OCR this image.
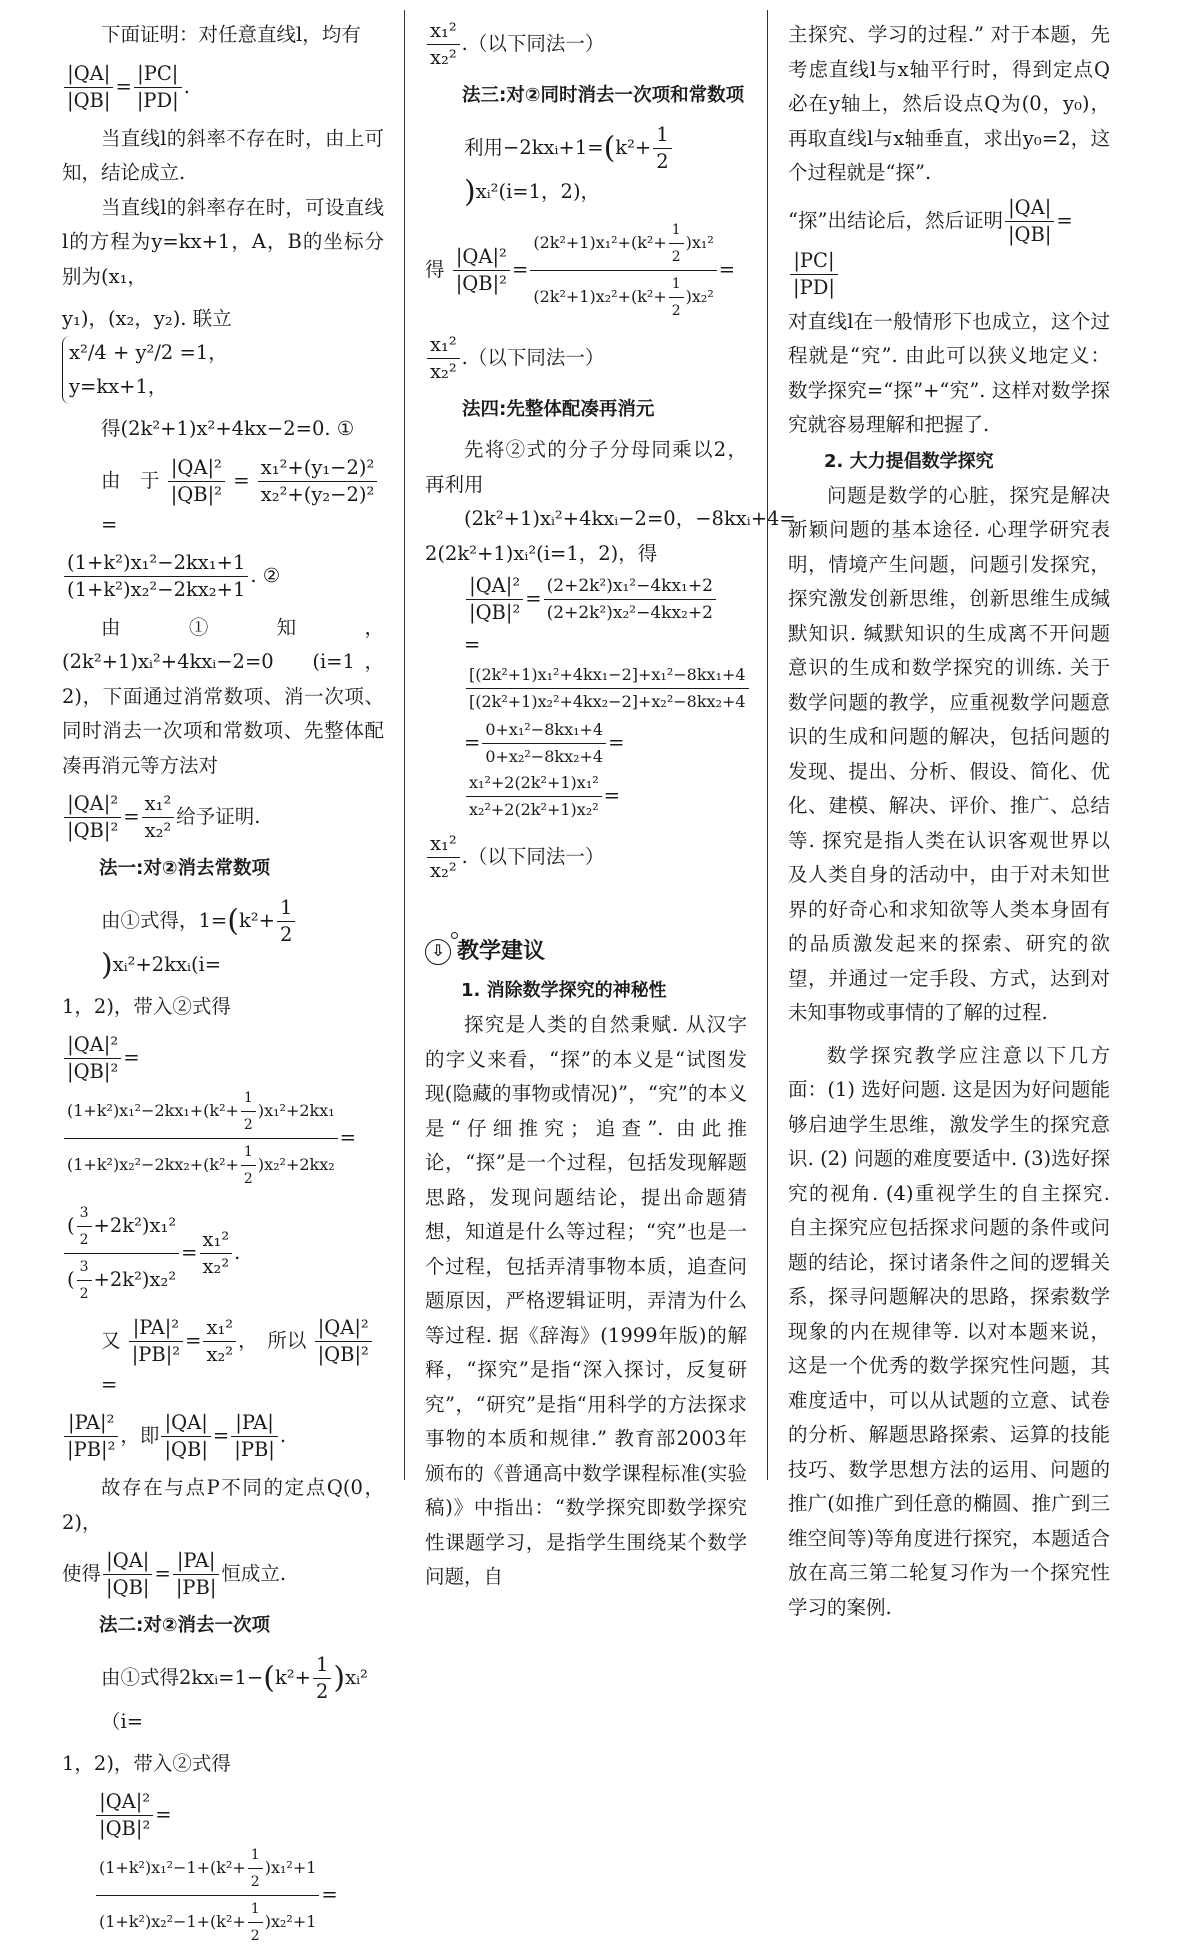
下面证明：对任意直线l，均有

$\frac{|QA|}{|QB|} = \frac{|PC|}{|PD|}$ .

当直线l的斜率不存在时，由上可知，结论成立.

当直线l的斜率存在时，可设直线l的方程为y=kx+1，A，B的坐标分别为(x₁，

y₁)，(x₂，y₂). 联立
x²/4 + y²/2 =1，
y=kx+1，

得(2k²+1)x²+4kx−2=0. ①

由　于 $\frac{\text{|QA|²}}{\text{|QB|²}} = \frac{\text{x₁²+(y₁−2)²}}{\text{x₂²+(y₂−2)²}}$
=
$\frac{\text{(1+k²)x₁²−2kx₁+1}}{\text{(1+k²)x₂²−2kx₂+1}}$ . ②

由①知，(2k²+1)xᵢ²+4kxᵢ−2=0　(i=1，2)，下面通过消常数项、消一次项、同时消去一次项和常数项、先整体配凑再消元等方法对

$\frac{\text{|QA|²}}{\text{|QB|²}} = \frac{\text{x₁²}}{\text{x₂²}}$ 给予证明.
法一:对②消去常数项
由①式得，$1=(k^2+ \frac{1}{2}$
)xᵢ²+2kxᵢ(i=

1，2)，带入②式得

$\frac{\text{|QA|²}}{\text{|QB|²}}$ =
$\frac{(1+k^2)x_1^2-2kx_1+(k^2+ \frac{1}{2} )x_1^2+2kx_1}{(1+k^2)x_2^2-2kx_2+(k^2+ \frac{1}{2} )x_2^2+2kx_2}$ =
$\frac{( \frac{3}{2} +2k^2)x_1^2}{( \frac{3}{2} +2k^2)x_2^2} = \frac{\text{x₁²}}{\text{x₂²}}$ .
又 $\frac{\text{|PA|²}}{\text{|PB|²}} = \frac{\text{x₁²}}{\text{x₂²}}$ ，　所以 $\frac{\text{|QA|²}}{\text{|QB|²}}$
=
$\frac{\text{|PA|²}}{\text{|PB|²}}$ ，即 $\frac{|QA|}{|QB|} = \frac{|PA|}{|PB|}$ .

故存在与点P不同的定点Q(0，2)，

使得 $\frac{|QA|}{|QB|} = \frac{|PA|}{|PB|}$ 恒成立.
法二:对②消去一次项
由①式得2kxᵢ=1−(k²+ $\frac{1}{2}$ )xᵢ²（i=

1，2)，带入②式得

$\frac{\text{|QA|²}}{\text{|QB|²}}$ =
$\frac{(1+k^2)x_1^2-1+(k^2+ \frac{1}{2} )x_1^2+1}{(1+k^2)x_2^2-1+(k^2+ \frac{1}{2} )x_2^2+1}$ =
$\frac{\text{x₁²}}{\text{x₂²}}$ .（以下同法一）
法三:对②同时消去一次项和常数项
利用−2kxᵢ+1=(k²+ $\frac{1}{2}$
)xᵢ²(i=1，2)，
得 $\frac{\text{|QA|²}}{\text{|QB|²}} = \frac{(2k^2+1)x_1^2+(k^2+ \frac{1}{2} )x_1^2}{(2k^2+1)x_2^2+(k^2+ \frac{1}{2} )x_2^2}$ =
$\frac{\text{x₁²}}{\text{x₂²}}$ .（以下同法一）
法四:先整体配凑再消元

先将②式的分子分母同乘以2，再利用

(2k²+1)xᵢ²+4kxᵢ−2=0，−8kxᵢ+4=

2(2k²+1)xᵢ²(i=1，2)，得

$\frac{\text{|QA|²}}{\text{|QB|²}} = \frac{\text{(2+2k²)x₁²−4kx₁+2}}{\text{(2+2k²)x₂²−4kx₂+2}}$
=
$\frac{\text{[(2k²+1)x₁²+4kx₁−2]+x₁²−8kx₁+4}}{\text{[(2k²+1)x₂²+4kx₂−2]+x₂²−8kx₂+4}}$
= $\frac{\text{0+x₁²−8kx₁+4}}{\text{0+x₂²−8kx₂+4}}$ =
$\frac{\text{x₁²+2(2k²+1)x₁²}}{\text{x₂²+2(2k²+1)x₂²}}$ =
$\frac{\text{x₁²}}{\text{x₂²}}$ .（以下同法一）
⇩ 教学建议
1. 消除数学探究的神秘性

探究是人类的自然秉赋. 从汉字的字义来看，“探”的本义是“试图发现(隐藏的事物或情况)”，“究”的本义是“仔细推究；追查”. 由此推论，“探”是一个过程，包括发现解题思路，发现问题结论，提出命题猜想，知道是什么等过程；“究”也是一个过程，包括弄清事物本质，追查问题原因，严格逻辑证明，弄清为什么等过程. 据《辞海》(1999年版)的解释，“探究”是指“深入探讨，反复研究”，“研究”是指“用科学的方法探求事物的本质和规律.” 教育部2003年颁布的《普通高中数学课程标准(实验稿)》中指出：“数学探究即数学探究性课题学习，是指学生围绕某个数学问题，自

主探究、学习的过程.” 对于本题，先考虑直线l与x轴平行时，得到定点Q必在y轴上，然后设点Q为(0，y₀)，再取直线l与x轴垂直，求出y₀=2，这个过程就是“探”.

“探”出结论后，然后证明 $\frac{|QA|}{|QB|}$ =
$\frac{|PC|}{|PD|}$

对直线l在一般情形下也成立，这个过程就是“究”. 由此可以狭义地定义：数学探究=“探”+“究”. 这样对数学探究就容易理解和把握了.

2. 大力提倡数学探究

问题是数学的心脏，探究是解决新颖问题的基本途径. 心理学研究表明，情境产生问题，问题引发探究，探究激发创新思维，创新思维生成缄默知识. 缄默知识的生成离不开问题意识的生成和数学探究的训练. 关于数学问题的教学，应重视数学问题意识的生成和问题的解决，包括问题的发现、提出、分析、假设、简化、优化、建模、解决、评价、推广、总结等. 探究是指人类在认识客观世界以及人类自身的活动中，由于对未知世界的好奇心和求知欲等人类本身固有的品质激发起来的探索、研究的欲望，并通过一定手段、方式，达到对未知事物或事情的了解的过程.

数学探究教学应注意以下几方面：(1) 选好问题. 这是因为好问题能够启迪学生思维，激发学生的探究意识. (2) 问题的难度要适中. (3)选好探究的视角. (4)重视学生的自主探究. 自主探究应包括探求问题的条件或问题的结论，探讨诸条件之间的逻辑关系，探寻问题解决的思路，探索数学现象的内在规律等. 以对本题来说，这是一个优秀的数学探究性问题，其难度适中，可以从试题的立意、试卷的分析、解题思路探索、运算的技能技巧、数学思想方法的运用、问题的推广(如推广到任意的椭圆、推广到三维空间等)等角度进行探究，本题适合放在高三第二轮复习作为一个探究性学习的案例.
